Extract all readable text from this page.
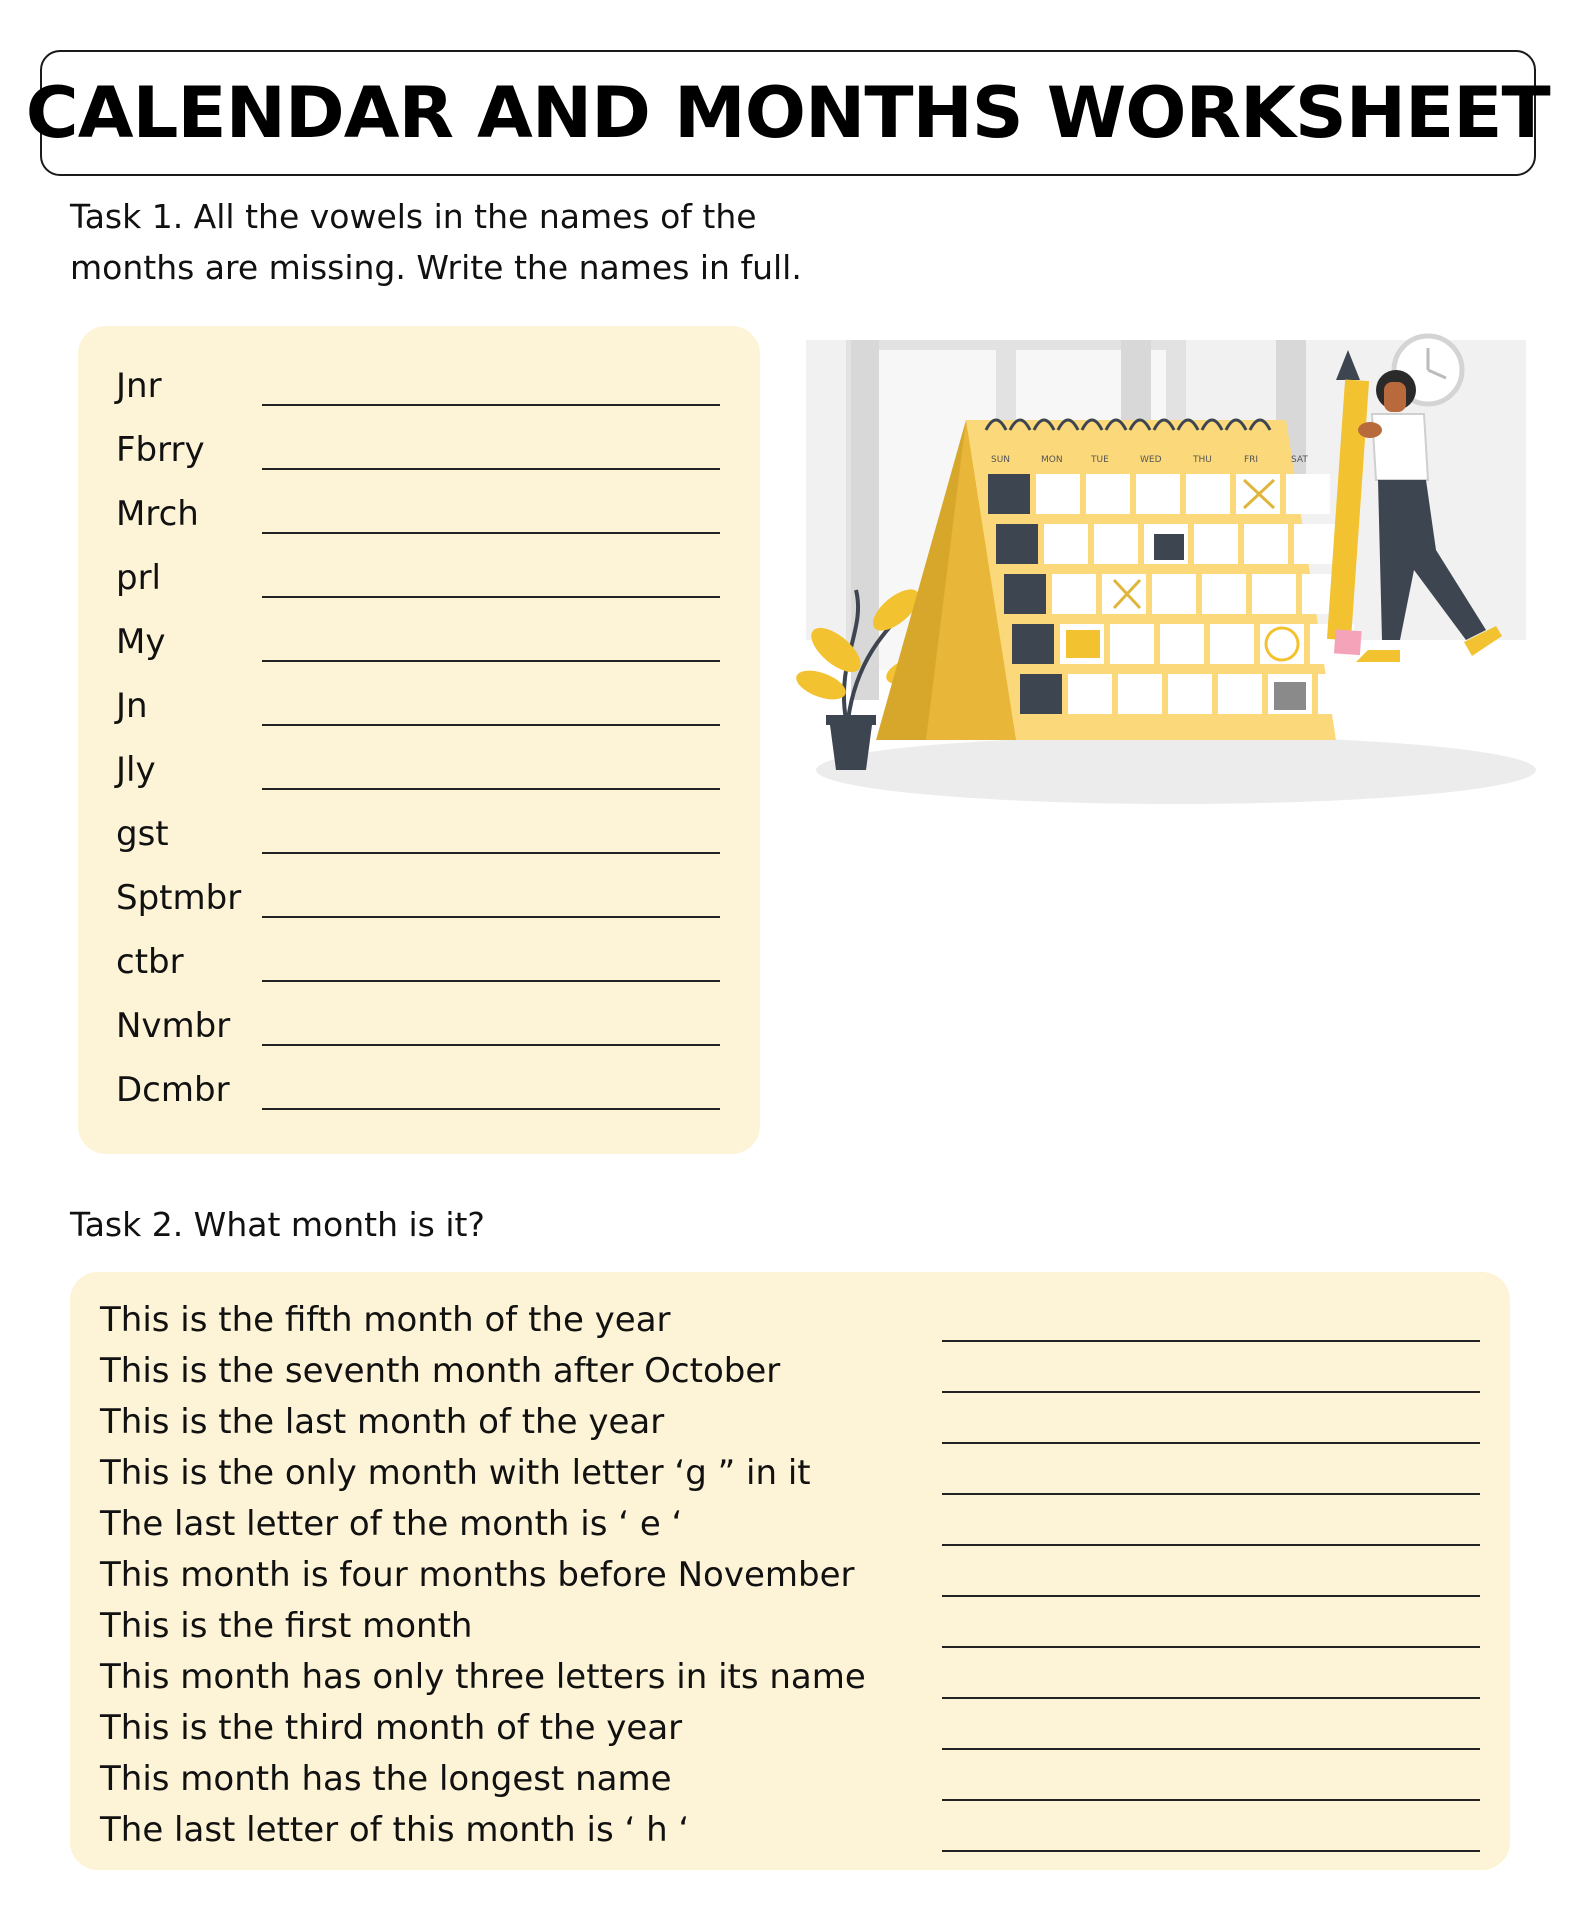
CALENDAR AND MONTHS WORKSHEET
Task 1. All the vowels in the names of the
months are missing. Write the names in full.
Jnr
Fbrry
Mrch
prl
My
Jn
Jly
gst
Sptmbr
ctbr
Nvmbr
Dcmbr
SUN	MON	TUE	WED	THU	FRI	SAT
Task 2. What month is it?
This is the fifth month of the year
This is the seventh month after October
This is the last month of the year
This is the only month with letter ‘g ” in it
The last letter of the month is ‘ e ‘
This month is four months before November
This is the first month
This month has only three letters in its name
This is the third month of the year
This month has the longest name
The last letter of this month is ‘ h ‘
